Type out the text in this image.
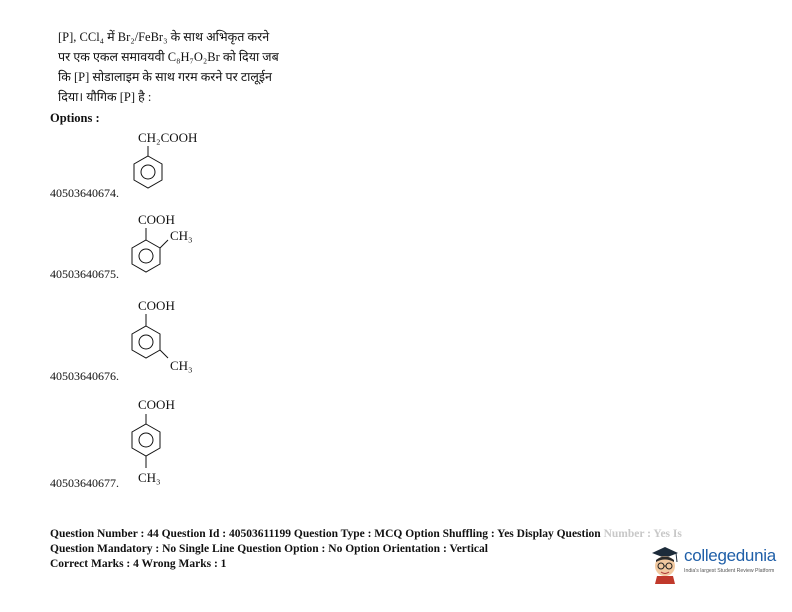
[P], CCl₄ में Br₂/FeBr₃ के साथ अभिकृत करने
पर एक एकल समावयवी C₈H₇O₂Br को दिया जब
कि [P] सोडालाइम के साथ गरम करने पर टालूईन
दिया। यौगिक [P] है :
Options :
CH₂COOH
40503640674.
COOH
CH₃
40503640675.
COOH
CH₃
40503640676.
COOH
CH₃
40503640677.
Question Number : 44 Question Id : 40503611199 Question Type : MCQ Option Shuffling : Yes Display Question Number : Yes Is
Question Mandatory : No Single Line Question Option : No Option Orientation : Vertical
Correct Marks : 4 Wrong Marks : 1	collegedunia
India's largest Student Review Platform
